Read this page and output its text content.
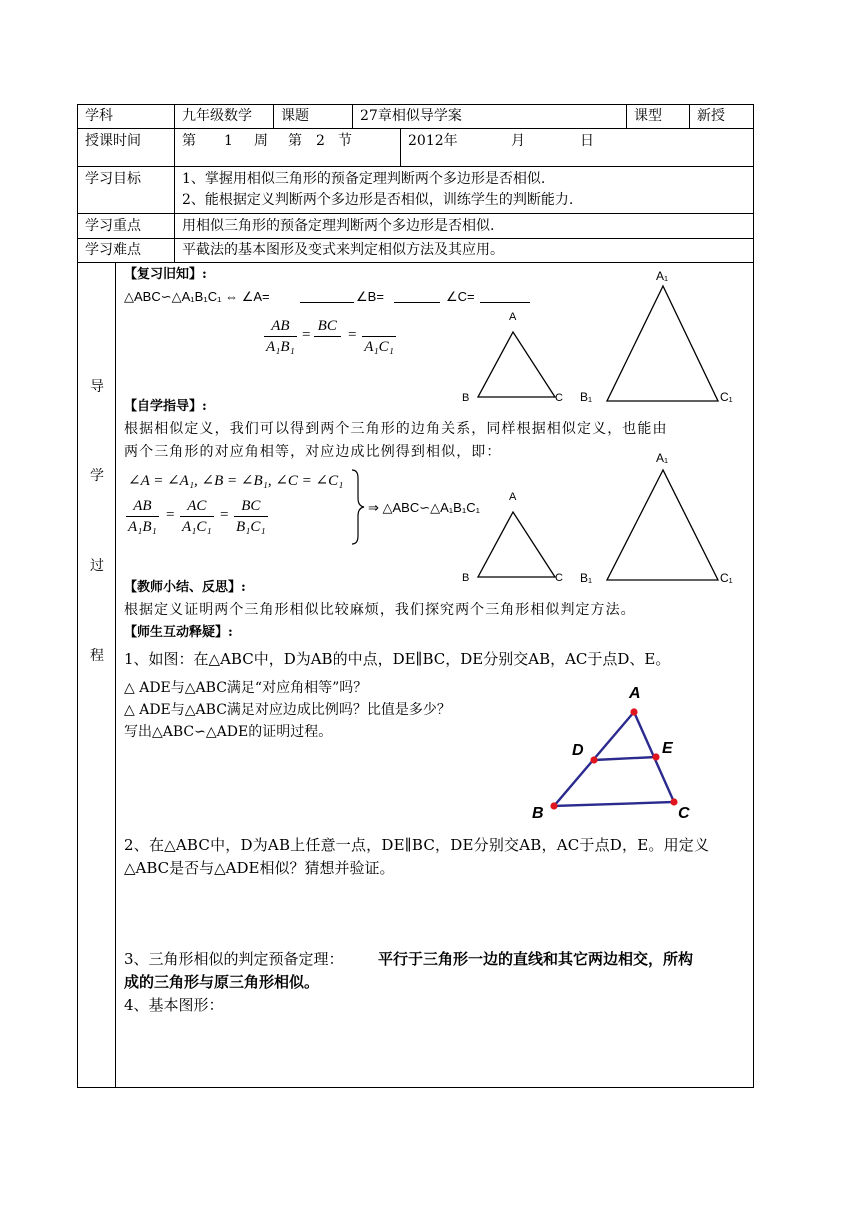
学科	九年级数学 课题	27章相似导学案	课型	新授
授课时间	第 1 周 第 2 节	2012年	月	日
学习目标	1、掌握用相似三角形的预备定理判断两个多边形是否相似.
2、能根据定义判断两个多边形是否相似，训练学生的判断能力.
学习重点	用相似三角形的预备定理判断两个多边形是否相似.
学习难点	平截法的基本图形及变式来判定相似方法及其应用。
导
学
过
程
【复习旧知】:
△ABC∽△A₁B₁C₁ ⇔ ∠A=	∠B=	∠C=
$\frac{AB}{\text{A₁B₁}}$ =
BC

=

A₁C₁
A
B	C
A₁
B₁	C₁
【自学指导】:
根据相似定义，我们可以得到两个三角形的边角关系，同样根据相似定义，也能由
两个三角形的对应角相等，对应边成比例得到相似，即：
∠A = ∠A₁, ∠B = ∠B₁, ∠C = ∠C₁
$\frac{AB}{\text{A₁B₁}} = \frac{AC}{\text{A₁C₁}} = \frac{BC}{\text{B₁C₁}}$	⇒ △ABC∽△A₁B₁C₁
A
B	C
A₁
B₁	C₁
【教师小结、反思】:
根据定义证明两个三角形相似比较麻烦，我们探究两个三角形相似判定方法。
【师生互动释疑】:
1、如图：在△ABC中，D为AB的中点，DE∥BC，DE分别交AB，AC于点D、E。
△ ADE与△ABC满足“对应角相等”吗？
△ ADE与△ABC满足对应边成比例吗？比值是多少？
写出△ABC∽△ADE的证明过程。
A
D	E
B	C
2、在△ABC中，D为AB上任意一点，DE∥BC，DE分别交AB，AC于点D，E。用定义
△ABC是否与△ADE相似？猜想并验证。
3、三角形相似的判定预备定理： 平行于三角形一边的直线和其它两边相交，所构
成的三角形与原三角形相似。
4、基本图形：
